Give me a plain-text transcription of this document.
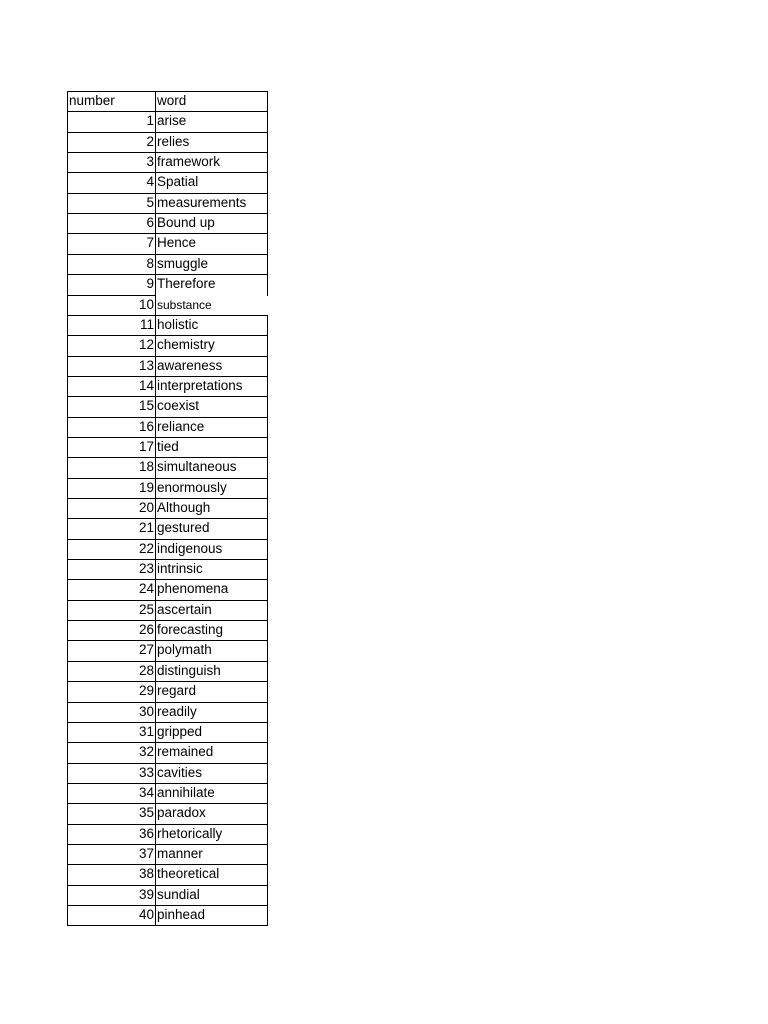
number	word
1 arise
2 relies
3 framework
4 Spatial
5 measurements
6 Bound up
7 Hence
8 smuggle
9 Therefore
10 substance
11 holistic
12 chemistry
13 awareness
14 interpretations
15 coexist
16 reliance
17 tied
18 simultaneous
19 enormously
20 Although
21 gestured
22 indigenous
23 intrinsic
24 phenomena
25 ascertain
26 forecasting
27 polymath
28 distinguish
29 regard
30 readily
31 gripped
32 remained
33 cavities
34 annihilate
35 paradox
36 rhetorically
37 manner
38 theoretical
39 sundial
40 pinhead
